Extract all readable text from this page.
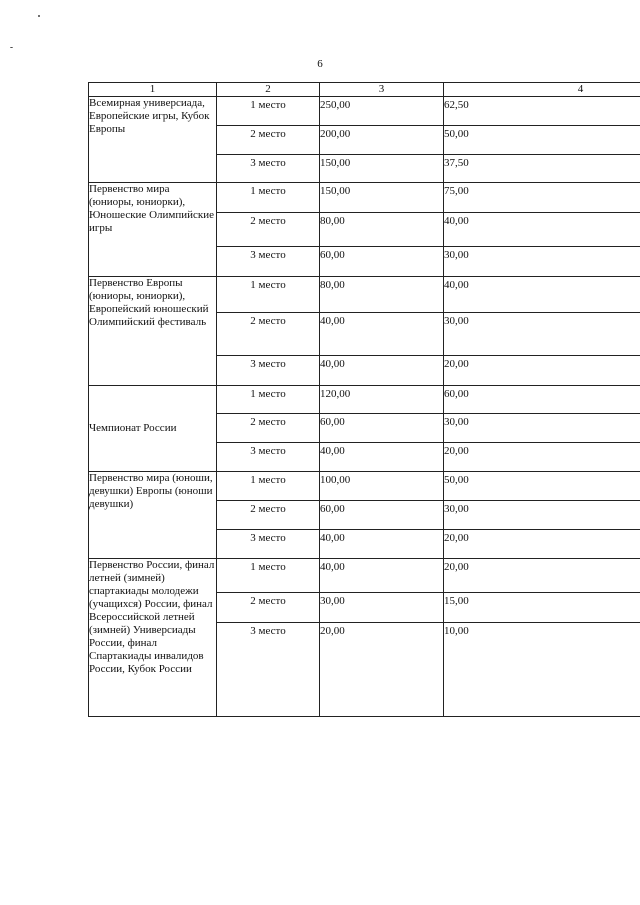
6
1	2	3	4
Всемирная универсиада, Европейские игры, Кубок Европы	1 место	250,00	62,50

	2 место	200,00	50,00

	3 место	150,00	37,50

Первенство мира (юниоры, юниорки), Юношеские Олимпийские игры	1 место	150,00	75,00

	2 место	80,00	40,00

	3 место	60,00	30,00

Первенство Европы (юниоры, юниорки), Европейский юношеский Олимпийский фестиваль	1 место	80,00	40,00

	2 место	40,00	30,00

	3 место	40,00	20,00

Чемпионат России	1 место	120,00	60,00

	2 место	60,00	30,00

	3 место	40,00	20,00

Первенство мира (юноши, девушки) Европы (юноши девушки)	1 место	100,00	50,00

	2 место	60,00	30,00

	3 место	40,00	20,00

Первенство России, финал летней (зимней) спартакиады молодежи (учащихся) России, финал Всероссийской летней (зимней) Универсиады России, финал Спартакиады инвалидов России, Кубок России	1 место	40,00	20,00

	2 место	30,00	15,00

	3 место	20,00	10,00
